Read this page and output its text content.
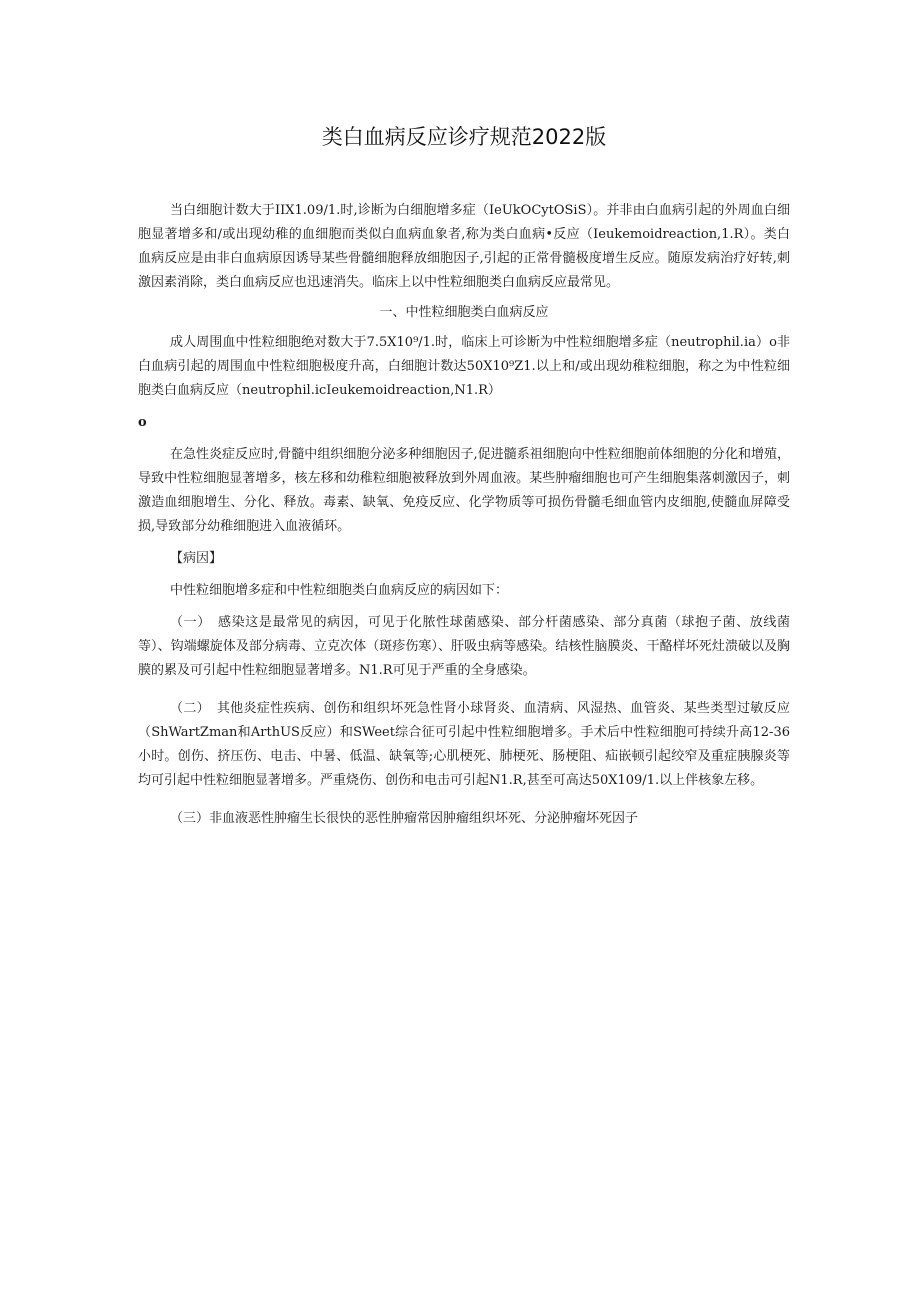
类白血病反应诊疗规范2022版

当白细胞计数大于IIX1.09/1.时,诊断为白细胞增多症（IeUkOCytOSiS）。并非由白血病引起的外周血白细胞显著增多和/或出现幼稚的血细胞而类似白血病血象者,称为类白血病•反应（Ieukemoidreaction,1.R）。类白血病反应是由非白血病原因诱导某些骨髓细胞释放细胞因子,引起的正常骨髓极度增生反应。随原发病治疗好转,刺激因素消除，类白血病反应也迅速消失。临床上以中性粒细胞类白血病反应最常见。

一、中性粒细胞类白血病反应

成人周围血中性粒细胞绝对数大于7.5X10⁹/1.时，临床上可诊断为中性粒细胞增多症（neutrophil.ia）o非白血病引起的周围血中性粒细胞极度升高，白细胞计数达50X10⁹Z1.以上和/或出现幼稚粒细胞，称之为中性粒细胞类白血病反应（neutrophil.icIeukemoidreaction,N1.R）

o

在急性炎症反应时,骨髓中组织细胞分泌多种细胞因子,促进髓系祖细胞向中性粒细胞前体细胞的分化和增殖，导致中性粒细胞显著增多，核左移和幼稚粒细胞被释放到外周血液。某些肿瘤细胞也可产生细胞集落刺激因子，刺激造血细胞增生、分化、释放。毒素、缺氧、免疫反应、化学物质等可损伤骨髓毛细血管内皮细胞,使髓血屏障受损,导致部分幼稚细胞进入血液循环。

【病因】

中性粒细胞增多症和中性粒细胞类白血病反应的病因如下：

（一）　感染这是最常见的病因，可见于化脓性球菌感染、部分杆菌感染、部分真菌（球抱子菌、放线菌等）、钩端螺旋体及部分病毒、立克次体（斑疹伤寒）、肝吸虫病等感染。结核性脑膜炎、干酪样坏死灶溃破以及胸膜的累及可引起中性粒细胞显著增多。N1.R可见于严重的全身感染。

（二）　其他炎症性疾病、创伤和组织坏死急性肾小球肾炎、血清病、风湿热、血管炎、某些类型过敏反应（ShWartZman和ArthUS反应）和SWeet综合征可引起中性粒细胞增多。手术后中性粒细胞可持续升高12-36小时。创伤、挤压伤、电击、中暑、低温、缺氧等;心肌梗死、肺梗死、肠梗阻、疝嵌顿引起绞窄及重症胰腺炎等均可引起中性粒细胞显著增多。严重烧伤、创伤和电击可引起N1.R,甚至可高达50X109/1.以上伴核象左移。

（三）非血液恶性肿瘤生长很快的恶性肿瘤常因肿瘤组织坏死、分泌肿瘤坏死因子
